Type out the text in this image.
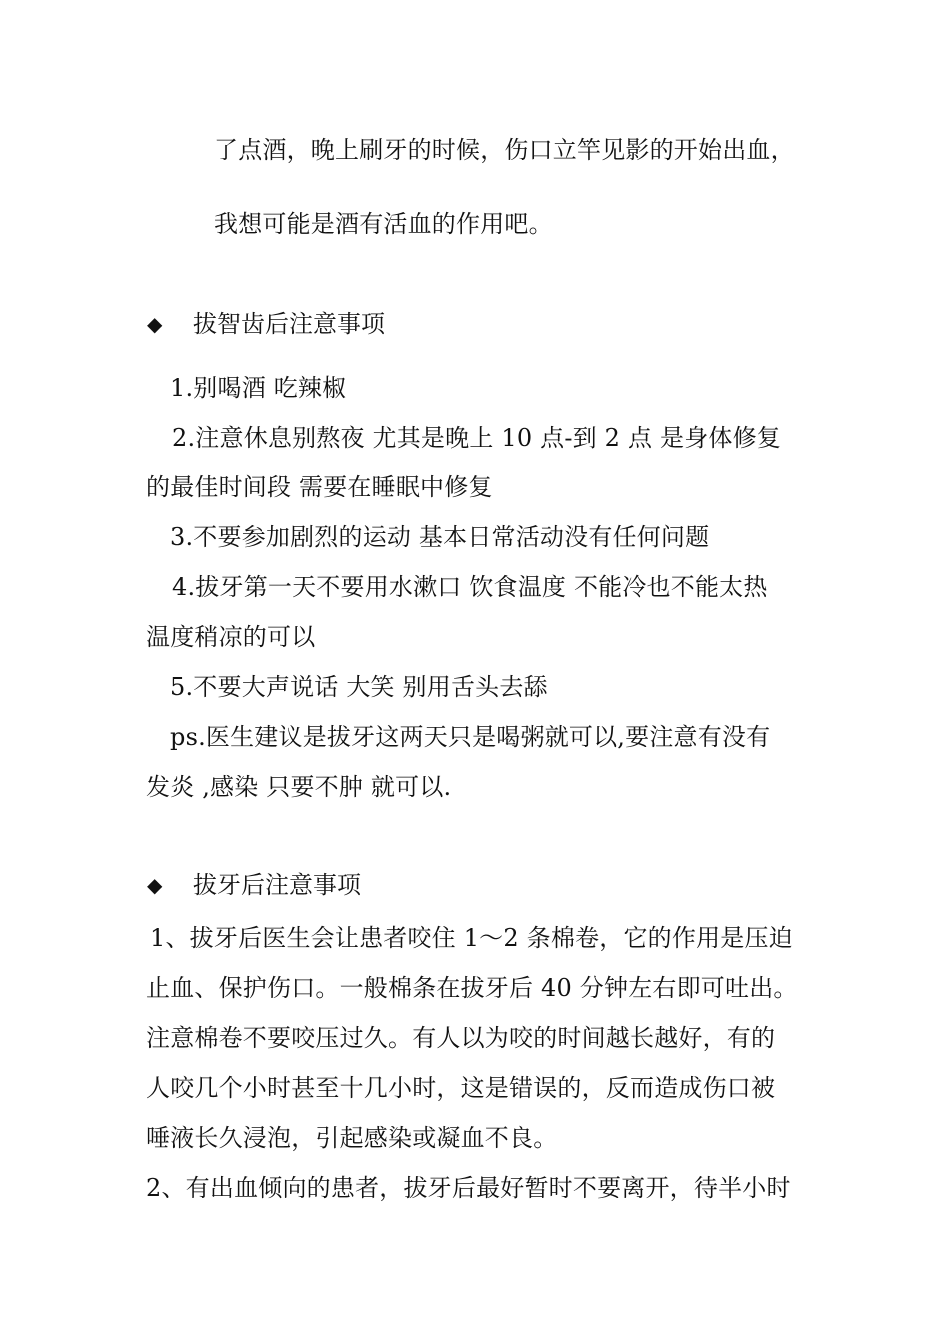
了点酒，晚上刷牙的时候，伤口立竿见影的开始出血，
我想可能是酒有活血的作用吧。
◆	拔智齿后注意事项
1.别喝酒 吃辣椒
2.注意休息别熬夜 尤其是晚上 10 点-到 2 点 是身体修复
的最佳时间段 需要在睡眠中修复
3.不要参加剧烈的运动 基本日常活动没有任何问题
4.拔牙第一天不要用水漱口 饮食温度 不能冷也不能太热
温度稍凉的可以
5.不要大声说话 大笑 别用舌头去舔
ps.医生建议是拔牙这两天只是喝粥就可以,要注意有没有
发炎 ,感染 只要不肿 就可以.
◆	拔牙后注意事项
1、拔牙后医生会让患者咬住 1～2 条棉卷，它的作用是压迫
止血、保护伤口。一般棉条在拔牙后 40 分钟左右即可吐出。
注意棉卷不要咬压过久。有人以为咬的时间越长越好，有的
人咬几个小时甚至十几小时，这是错误的，反而造成伤口被
唾液长久浸泡，引起感染或凝血不良。
2、有出血倾向的患者，拔牙后最好暂时不要离开，待半小时
